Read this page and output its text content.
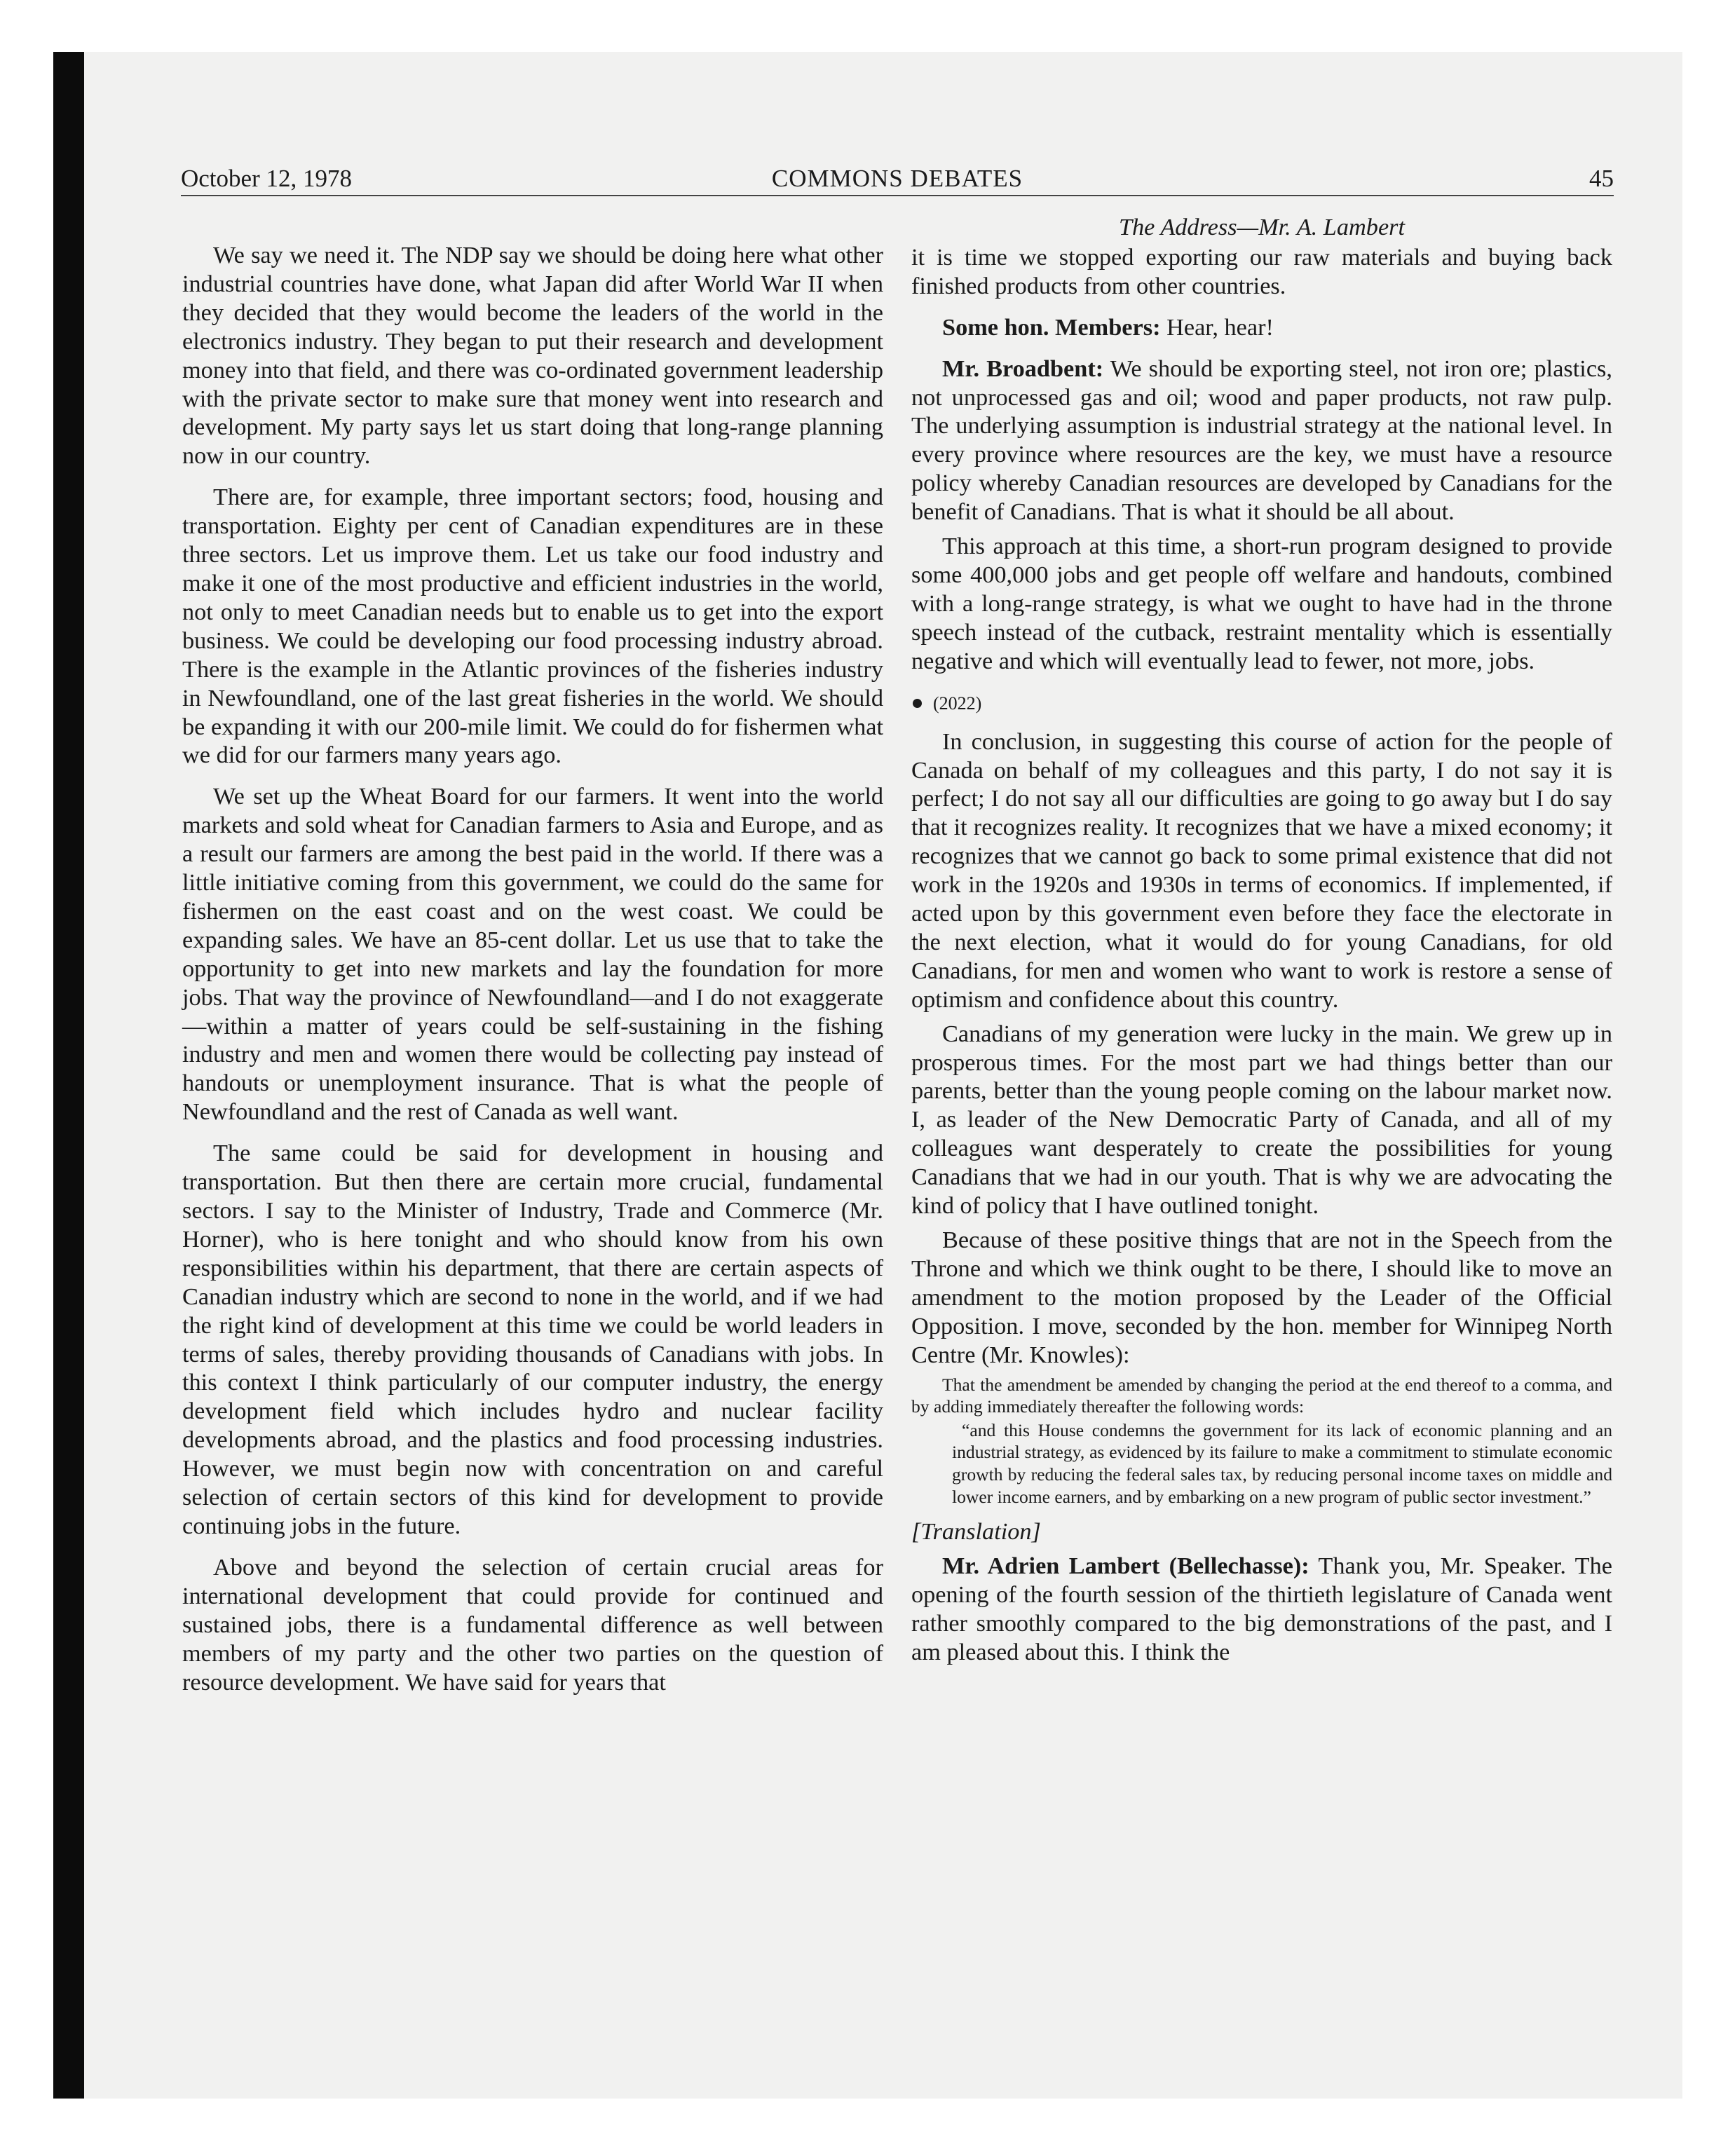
October 12, 1978	COMMONS DEBATES	45

We say we need it. The NDP say we should be doing here what other industrial countries have done, what Japan did after World War II when they decided that they would become the leaders of the world in the electronics industry. They began to put their research and development money into that field, and there was co-ordinated government leadership with the private sector to make sure that money went into research and development. My party says let us start doing that long-range planning now in our country.

There are, for example, three important sectors; food, housing and transportation. Eighty per cent of Canadian expenditures are in these three sectors. Let us improve them. Let us take our food industry and make it one of the most productive and efficient industries in the world, not only to meet Canadian needs but to enable us to get into the export business. We could be developing our food processing industry abroad. There is the example in the Atlantic provinces of the fisheries industry in Newfoundland, one of the last great fisheries in the world. We should be expanding it with our 200-mile limit. We could do for fishermen what we did for our farmers many years ago.

We set up the Wheat Board for our farmers. It went into the world markets and sold wheat for Canadian farmers to Asia and Europe, and as a result our farmers are among the best paid in the world. If there was a little initiative coming from this government, we could do the same for fishermen on the east coast and on the west coast. We could be expanding sales. We have an 85-cent dollar. Let us use that to take the opportunity to get into new markets and lay the foundation for more jobs. That way the province of Newfoundland—and I do not exaggerate—within a matter of years could be self-sustaining in the fishing industry and men and women there would be collecting pay instead of handouts or unemployment insurance. That is what the people of Newfoundland and the rest of Canada as well want.

The same could be said for development in housing and transportation. But then there are certain more crucial, fundamental sectors. I say to the Minister of Industry, Trade and Commerce (Mr. Horner), who is here tonight and who should know from his own responsibilities within his department, that there are certain aspects of Canadian industry which are second to none in the world, and if we had the right kind of development at this time we could be world leaders in terms of sales, thereby providing thousands of Canadians with jobs. In this context I think particularly of our computer industry, the energy development field which includes hydro and nuclear facility developments abroad, and the plastics and food processing industries. However, we must begin now with concentration on and careful selection of certain sectors of this kind for development to provide continuing jobs in the future.

Above and beyond the selection of certain crucial areas for international development that could provide for continued and sustained jobs, there is a fundamental difference as well between members of my party and the other two parties on the question of resource development. We have said for years that

The Address—Mr. A. Lambert

it is time we stopped exporting our raw materials and buying back finished products from other countries.

Some hon. Members: Hear, hear!

Mr. Broadbent: We should be exporting steel, not iron ore; plastics, not unprocessed gas and oil; wood and paper products, not raw pulp. The underlying assumption is industrial strategy at the national level. In every province where resources are the key, we must have a resource policy whereby Canadian resources are developed by Canadians for the benefit of Canadians. That is what it should be all about.

This approach at this time, a short-run program designed to provide some 400,000 jobs and get people off welfare and handouts, combined with a long-range strategy, is what we ought to have had in the throne speech instead of the cutback, restraint mentality which is essentially negative and which will eventually lead to fewer, not more, jobs.

(2022)

In conclusion, in suggesting this course of action for the people of Canada on behalf of my colleagues and this party, I do not say it is perfect; I do not say all our difficulties are going to go away but I do say that it recognizes reality. It recognizes that we have a mixed economy; it recognizes that we cannot go back to some primal existence that did not work in the 1920s and 1930s in terms of economics. If implemented, if acted upon by this government even before they face the electorate in the next election, what it would do for young Canadians, for old Canadians, for men and women who want to work is restore a sense of optimism and confidence about this country.

Canadians of my generation were lucky in the main. We grew up in prosperous times. For the most part we had things better than our parents, better than the young people coming on the labour market now. I, as leader of the New Democratic Party of Canada, and all of my colleagues want desperately to create the possibilities for young Canadians that we had in our youth. That is why we are advocating the kind of policy that I have outlined tonight.

Because of these positive things that are not in the Speech from the Throne and which we think ought to be there, I should like to move an amendment to the motion proposed by the Leader of the Official Opposition. I move, seconded by the hon. member for Winnipeg North Centre (Mr. Knowles):

That the amendment be amended by changing the period at the end thereof to a comma, and by adding immediately thereafter the following words:

“and this House condemns the government for its lack of economic planning and an industrial strategy, as evidenced by its failure to make a commitment to stimulate economic growth by reducing the federal sales tax, by reducing personal income taxes on middle and lower income earners, and by embarking on a new program of public sector investment.”

[Translation]

Mr. Adrien Lambert (Bellechasse): Thank you, Mr. Speaker. The opening of the fourth session of the thirtieth legislature of Canada went rather smoothly compared to the big demonstrations of the past, and I am pleased about this. I think the
